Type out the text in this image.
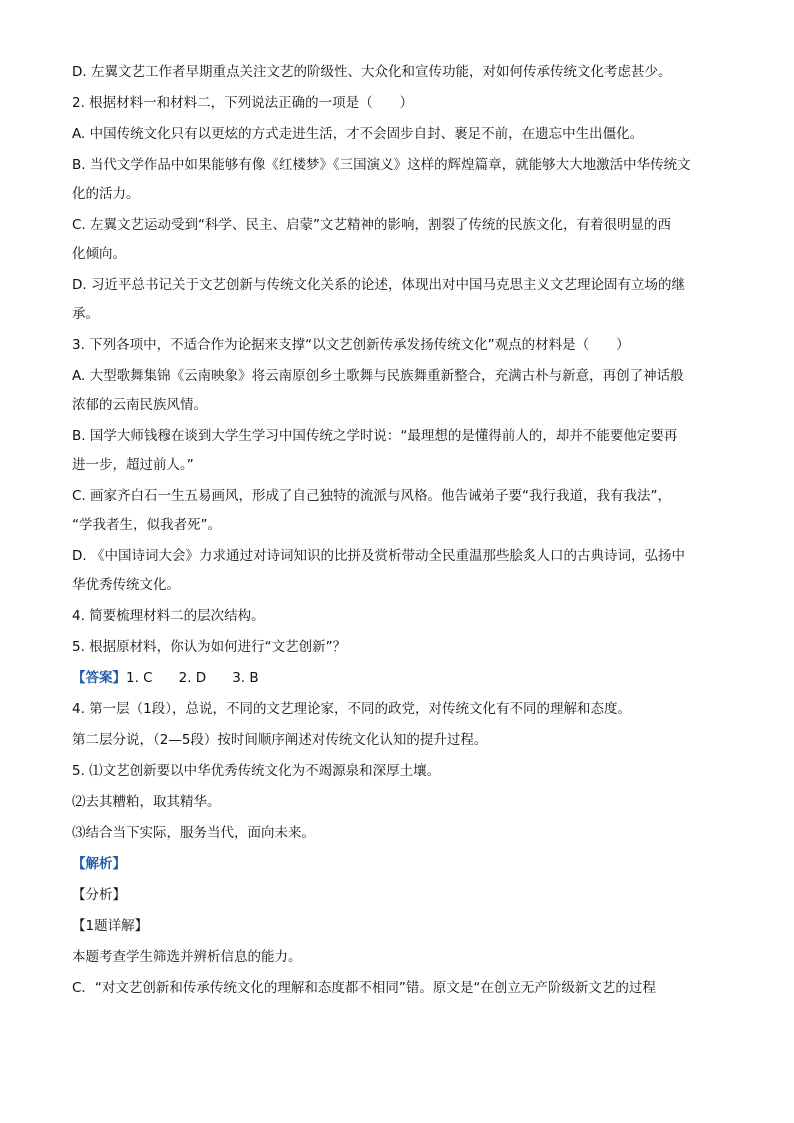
D. 左翼文艺工作者早期重点关注文艺的阶级性、大众化和宣传功能，对如何传承传统文化考虑甚少。
2. 根据材料一和材料二，下列说法正确的一项是（　　）
A. 中国传统文化只有以更炫的方式走进生活，才不会固步自封、裹足不前，在遗忘中生出僵化。
B. 当代文学作品中如果能够有像《红楼梦》《三国演义》这样的辉煌篇章，就能够大大地激活中华传统文
化的活力。
C. 左翼文艺运动受到“科学、民主、启蒙”文艺精神的影响，割裂了传统的民族文化，有着很明显的西
化倾向。
D. 习近平总书记关于文艺创新与传统文化关系的论述，体现出对中国马克思主义文艺理论固有立场的继
承。
3. 下列各项中，不适合作为论据来支撑“以文艺创新传承发扬传统文化”观点的材料是（　　）
A. 大型歌舞集锦《云南映象》将云南原创乡土歌舞与民族舞重新整合，充满古朴与新意，再创了神话般
浓郁的云南民族风情。
B. 国学大师钱穆在谈到大学生学习中国传统之学时说：“最理想的是懂得前人的，却并不能要他定要再
进一步，超过前人。”
C. 画家齐白石一生五易画风，形成了自己独特的流派与风格。他告诫弟子要“我行我道，我有我法”，
“学我者生，似我者死”。
D. 《中国诗词大会》力求通过对诗词知识的比拼及赏析带动全民重温那些脍炙人口的古典诗词，弘扬中
华优秀传统文化。
4. 简要梳理材料二的层次结构。
5. 根据原材料，你认为如何进行“文艺创新”？
【答案】1. C 2. D 3. B
4. 第一层（1段），总说，不同的文艺理论家，不同的政党，对传统文化有不同的理解和态度。
第二层分说，（2—5段）按时间顺序阐述对传统文化认知的提升过程。
5. ⑴文艺创新要以中华优秀传统文化为不竭源泉和深厚土壤。
⑵去其糟粕，取其精华。
⑶结合当下实际，服务当代，面向未来。
【解析】
【分析】
【1题详解】
本题考查学生筛选并辨析信息的能力。
C．“对文艺创新和传承传统文化的理解和态度都不相同”错。原文是“在创立无产阶级新文艺的过程
